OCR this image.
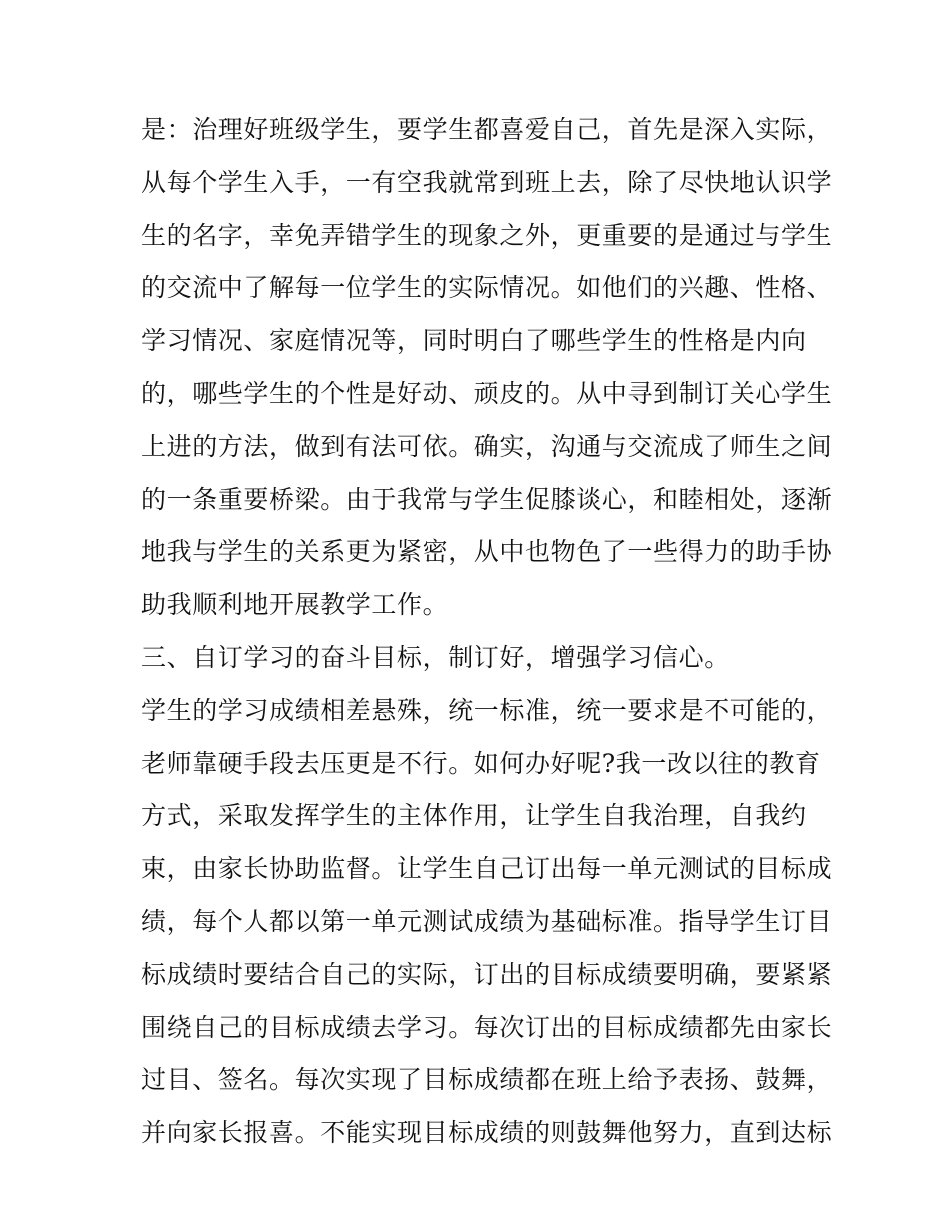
是：治理好班级学生，要学生都喜爱自己，首先是深入实际，
从每个学生入手，一有空我就常到班上去，除了尽快地认识学
生的名字，幸免弄错学生的现象之外，更重要的是通过与学生
的交流中了解每一位学生的实际情况。如他们的兴趣、性格、
学习情况、家庭情况等，同时明白了哪些学生的性格是内向
的，哪些学生的个性是好动、顽皮的。从中寻到制订关心学生
上进的方法，做到有法可依。确实，沟通与交流成了师生之间
的一条重要桥梁。由于我常与学生促膝谈心，和睦相处，逐渐
地我与学生的关系更为紧密，从中也物色了一些得力的助手协
助我顺利地开展教学工作。
三、自订学习的奋斗目标，制订好，增强学习信心。
学生的学习成绩相差悬殊，统一标准，统一要求是不可能的，
老师靠硬手段去压更是不行。如何办好呢?我一改以往的教育
方式，采取发挥学生的主体作用，让学生自我治理，自我约
束，由家长协助监督。让学生自己订出每一单元测试的目标成
绩，每个人都以第一单元测试成绩为基础标准。指导学生订目
标成绩时要结合自己的实际，订出的目标成绩要明确，要紧紧
围绕自己的目标成绩去学习。每次订出的目标成绩都先由家长
过目、签名。每次实现了目标成绩都在班上给予表扬、鼓舞，
并向家长报喜。不能实现目标成绩的则鼓舞他努力，直到达标
